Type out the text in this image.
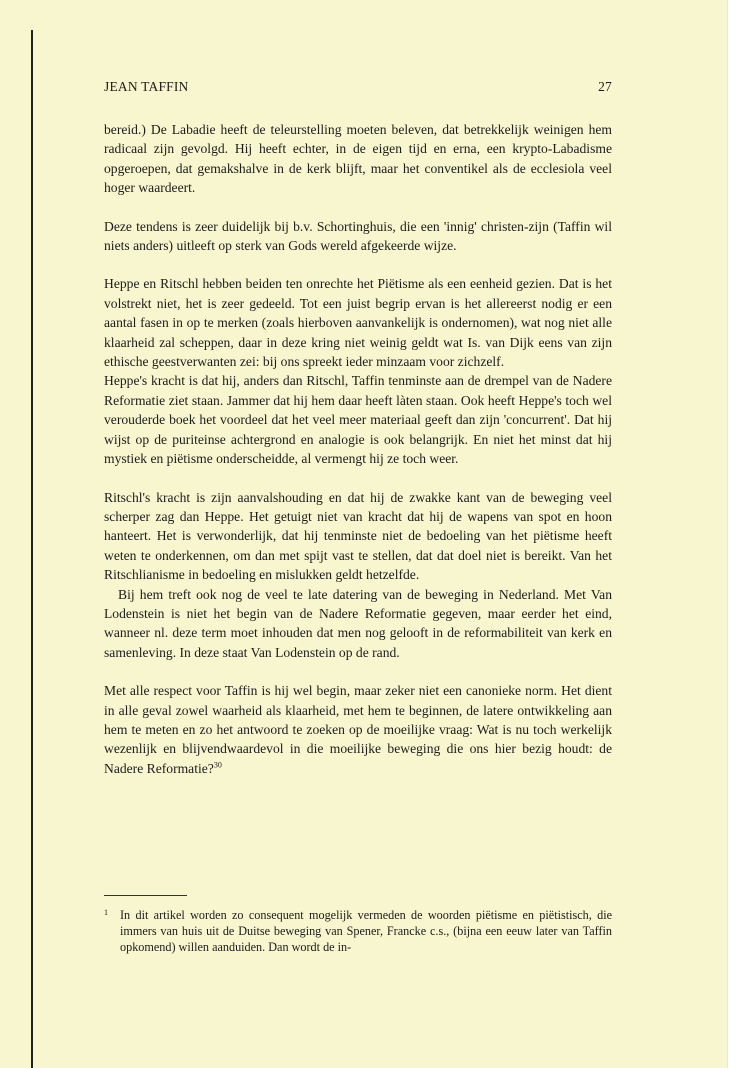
JEAN TAFFIN	27

bereid.) De Labadie heeft de teleurstelling moeten beleven, dat betrekkelijk weinigen hem radicaal zijn gevolgd. Hij heeft echter, in de eigen tijd en erna, een krypto-Labadisme opgeroepen, dat gemakshalve in de kerk blijft, maar het conventikel als de ecclesiola veel hoger waardeert.

Deze tendens is zeer duidelijk bij b.v. Schortinghuis, die een 'innig' christen-zijn (Taffin wil niets anders) uitleeft op sterk van Gods wereld afgekeerde wijze.

Heppe en Ritschl hebben beiden ten onrechte het Piëtisme als een eenheid gezien. Dat is het volstrekt niet, het is zeer gedeeld. Tot een juist begrip ervan is het allereerst nodig er een aantal fasen in op te merken (zoals hierboven aanvankelijk is ondernomen), wat nog niet alle klaarheid zal scheppen, daar in deze kring niet weinig geldt wat Is. van Dijk eens van zijn ethische geestverwanten zei: bij ons spreekt ieder minzaam voor zichzelf.

Heppe's kracht is dat hij, anders dan Ritschl, Taffin tenminste aan de drempel van de Nadere Reformatie ziet staan. Jammer dat hij hem daar heeft làten staan. Ook heeft Heppe's toch wel verouderde boek het voordeel dat het veel meer materiaal geeft dan zijn 'concurrent'. Dat hij wijst op de puriteinse achtergrond en analogie is ook belangrijk. En niet het minst dat hij mystiek en piëtisme onderscheidde, al vermengt hij ze toch weer.

Ritschl's kracht is zijn aanvalshouding en dat hij de zwakke kant van de beweging veel scherper zag dan Heppe. Het getuigt niet van kracht dat hij de wapens van spot en hoon hanteert. Het is verwonderlijk, dat hij tenminste niet de bedoeling van het piëtisme heeft weten te onderkennen, om dan met spijt vast te stellen, dat dat doel niet is bereikt. Van het Ritschlianisme in bedoeling en mislukken geldt hetzelfde.

Bij hem treft ook nog de veel te late datering van de beweging in Nederland. Met Van Lodenstein is niet het begin van de Nadere Reformatie gegeven, maar eerder het eind, wanneer nl. deze term moet inhouden dat men nog gelooft in de reformabiliteit van kerk en samenleving. In deze staat Van Lodenstein op de rand.

Met alle respect voor Taffin is hij wel begin, maar zeker niet een canonieke norm. Het dient in alle geval zowel waarheid als klaarheid, met hem te beginnen, de latere ontwikkeling aan hem te meten en zo het antwoord te zoeken op de moeilijke vraag: Wat is nu toch werkelijk wezenlijk en blijvendwaardevol in die moeilijke beweging die ons hier bezig houdt: de Nadere Reformatie?$^{30}$

1 In dit artikel worden zo consequent mogelijk vermeden de woorden piëtisme en piëtistisch, die immers van huis uit de Duitse beweging van Spener, Francke c.s., (bijna een eeuw later van Taffin opkomend) willen aanduiden. Dan wordt de in-
